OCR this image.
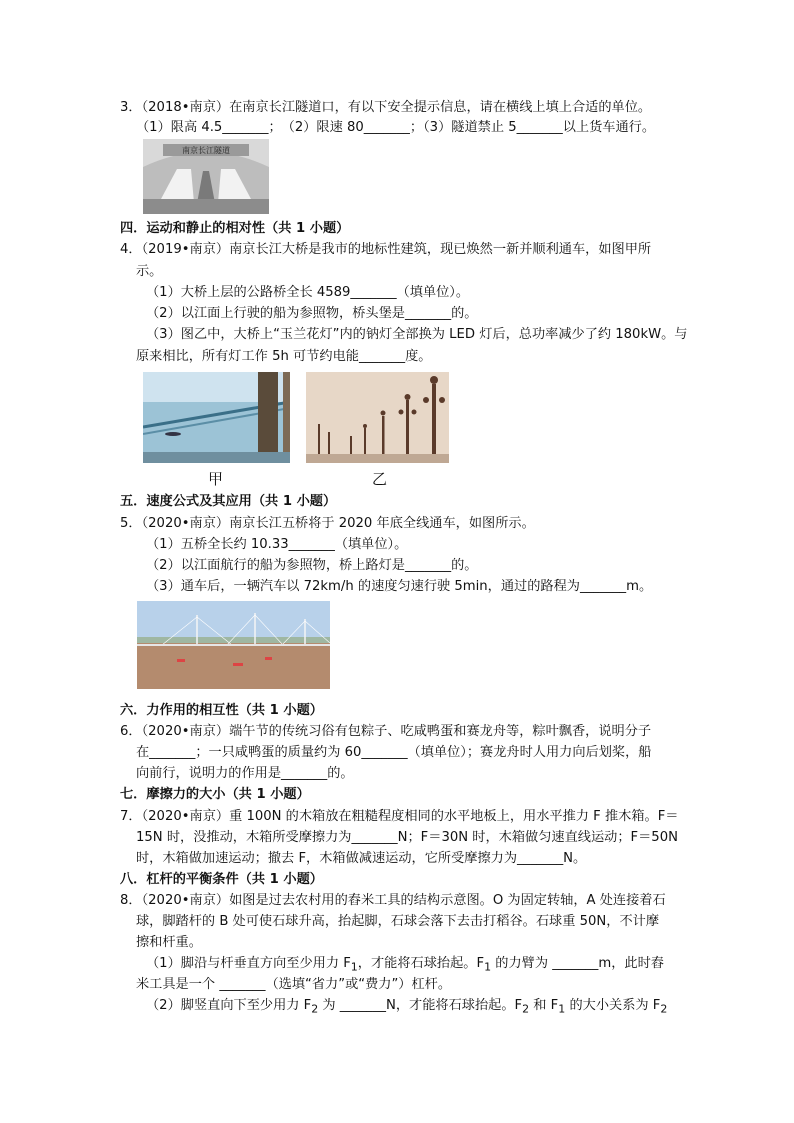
3．（2018•南京）在南京长江隧道口，有以下安全提示信息，请在横线上填上合适的单位。
（1）限高 4.5_______；　（2）限速 80_______；（3）隧道禁止 5_______以上货车通行。
南京长江隧道
四．运动和静止的相对性（共 1 小题）
4．（2019•南京）南京长江大桥是我市的地标性建筑，现已焕然一新并顺利通车，如图甲所
示。
（1）大桥上层的公路桥全长 4589_______（填单位）。
（2）以江面上行驶的船为参照物，桥头堡是_______的。
（3）图乙中，大桥上“玉兰花灯”内的钠灯全部换为 LED 灯后，总功率减少了约 180kW。与
原来相比，所有灯工作 5h 可节约电能_______度。
甲	乙
五．速度公式及其应用（共 1 小题）
5．（2020•南京）南京长江五桥将于 2020 年底全线通车，如图所示。
（1）五桥全长约 10.33_______（填单位）。
（2）以江面航行的船为参照物，桥上路灯是_______的。
（3）通车后，一辆汽车以 72km/h 的速度匀速行驶 5min，通过的路程为_______m。
六．力作用的相互性（共 1 小题）
6．（2020•南京）端午节的传统习俗有包粽子、吃咸鸭蛋和赛龙舟等，粽叶飘香，说明分子
在_______；一只咸鸭蛋的质量约为 60_______（填单位）；赛龙舟时人用力向后划桨，船
向前行，说明力的作用是_______的。
七．摩擦力的大小（共 1 小题）
7．（2020•南京）重 100N 的木箱放在粗糙程度相同的水平地板上，用水平推力 F 推木箱。F＝
15N 时，没推动，木箱所受摩擦力为_______N；F＝30N 时，木箱做匀速直线运动；F＝50N
时，木箱做加速运动；撤去 F，木箱做减速运动，它所受摩擦力为_______N。
八．杠杆的平衡条件（共 1 小题）
8．（2020•南京）如图是过去农村用的舂米工具的结构示意图。O 为固定转轴，A 处连接着石
球，脚踏杆的 B 处可使石球升高，抬起脚，石球会落下去击打稻谷。石球重 50N，不计摩
擦和杆重。
（1）脚沿与杆垂直方向至少用力 $F_1$，才能将石球抬起。$F_1$ 的力臂为 _______m，此时舂
米工具是一个 _______（选填“省力”或“费力”）杠杆。
（2）脚竖直向下至少用力 $F_2$ 为 _______N，才能将石球抬起。$F_2$ 和 $F_1$ 的大小关系为 $F_2$
